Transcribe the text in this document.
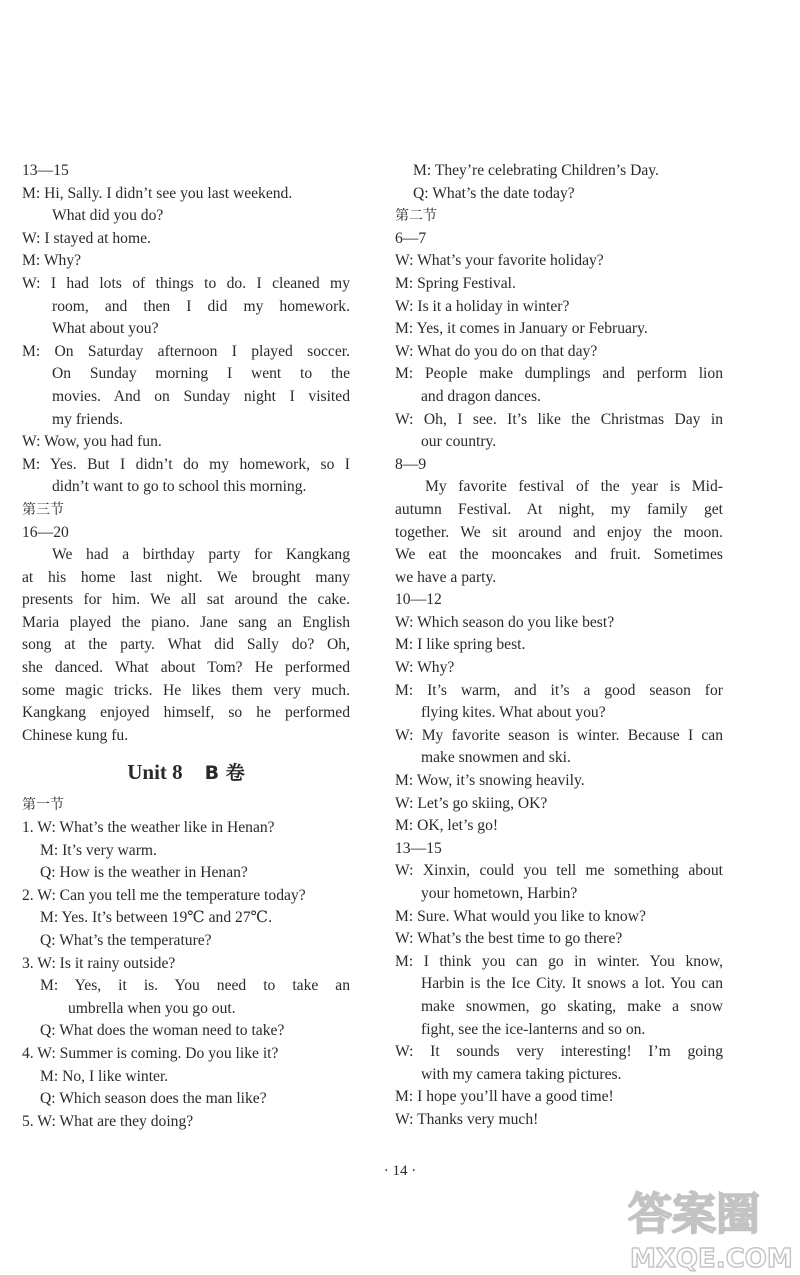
13—15
M: Hi, Sally. I didn’t see you last weekend.
What did you do?
W: I stayed at home.
M: Why?
W: I had lots of things to do. I cleaned my
room, and then I did my homework.
What about you?
M: On Saturday afternoon I played soccer.
On Sunday morning I went to the
movies. And on Sunday night I visited
my friends.
W: Wow, you had fun.
M: Yes. But I didn’t do my homework, so I
didn’t want to go to school this morning.
第三节
16—20
We had a birthday party for Kangkang
at his home last night. We brought many
presents for him. We all sat around the cake.
Maria played the piano. Jane sang an English
song at the party. What did Sally do? Oh,
she danced. What about Tom? He performed
some magic tricks. He likes them very much.
Kangkang enjoyed himself, so he performed
Chinese kung fu.
Unit 8 B 卷
第一节
1. W: What’s the weather like in Henan?
M: It’s very warm.
Q: How is the weather in Henan?
2. W: Can you tell me the temperature today?
M: Yes. It’s between 19℃ and 27℃.
Q: What’s the temperature?
3. W: Is it rainy outside?
M: Yes, it is. You need to take an
umbrella when you go out.
Q: What does the woman need to take?
4. W: Summer is coming. Do you like it?
M: No, I like winter.
Q: Which season does the man like?
5. W: What are they doing?
M: They’re celebrating Children’s Day.
Q: What’s the date today?
第二节
6—7
W: What’s your favorite holiday?
M: Spring Festival.
W: Is it a holiday in winter?
M: Yes, it comes in January or February.
W: What do you do on that day?
M: People make dumplings and perform lion
and dragon dances.
W: Oh, I see. It’s like the Christmas Day in
our country.
8—9
My favorite festival of the year is Mid-
autumn Festival. At night, my family get
together. We sit around and enjoy the moon.
We eat the mooncakes and fruit. Sometimes
we have a party.
10—12
W: Which season do you like best?
M: I like spring best.
W: Why?
M: It’s warm, and it’s a good season for
flying kites. What about you?
W: My favorite season is winter. Because I can
make snowmen and ski.
M: Wow, it’s snowing heavily.
W: Let’s go skiing, OK?
M: OK, let’s go!
13—15
W: Xinxin, could you tell me something about
your hometown, Harbin?
M: Sure. What would you like to know?
W: What’s the best time to go there?
M: I think you can go in winter. You know,
Harbin is the Ice City. It snows a lot. You can
make snowmen, go skating, make a snow
fight, see the ice-lanterns and so on.
W: It sounds very interesting! I’m going
with my camera taking pictures.
M: I hope you’ll have a good time!
W: Thanks very much!
· 14 ·
答案圈
MXQE.COM
